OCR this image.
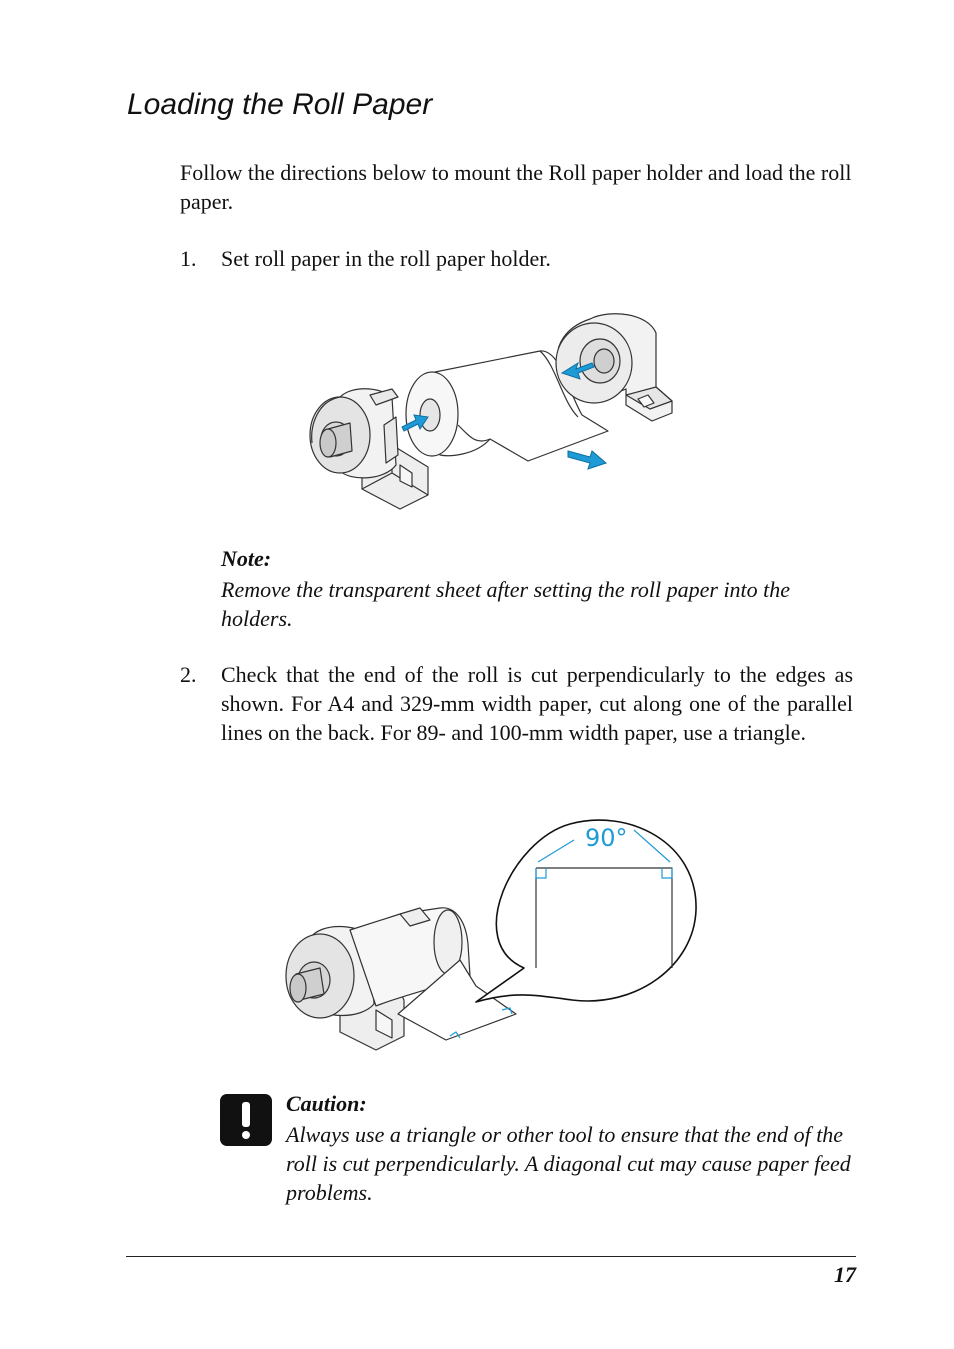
Loading the Roll Paper

Follow the directions below to mount the Roll paper holder and load the roll paper.

1.	Set roll paper in the roll paper holder.
Note:
Remove the transparent sheet after setting the roll paper into the holders.
2.	Check that the end of the roll is cut perpendicularly to the edges as shown. For A4 and 329-mm width paper, cut along one of the parallel lines on the back. For 89- and 100-mm width paper, use a triangle.
90°
Caution:
Always use a triangle or other tool to ensure that the end of the roll is cut perpendicularly. A diagonal cut may cause paper feed problems.
17
